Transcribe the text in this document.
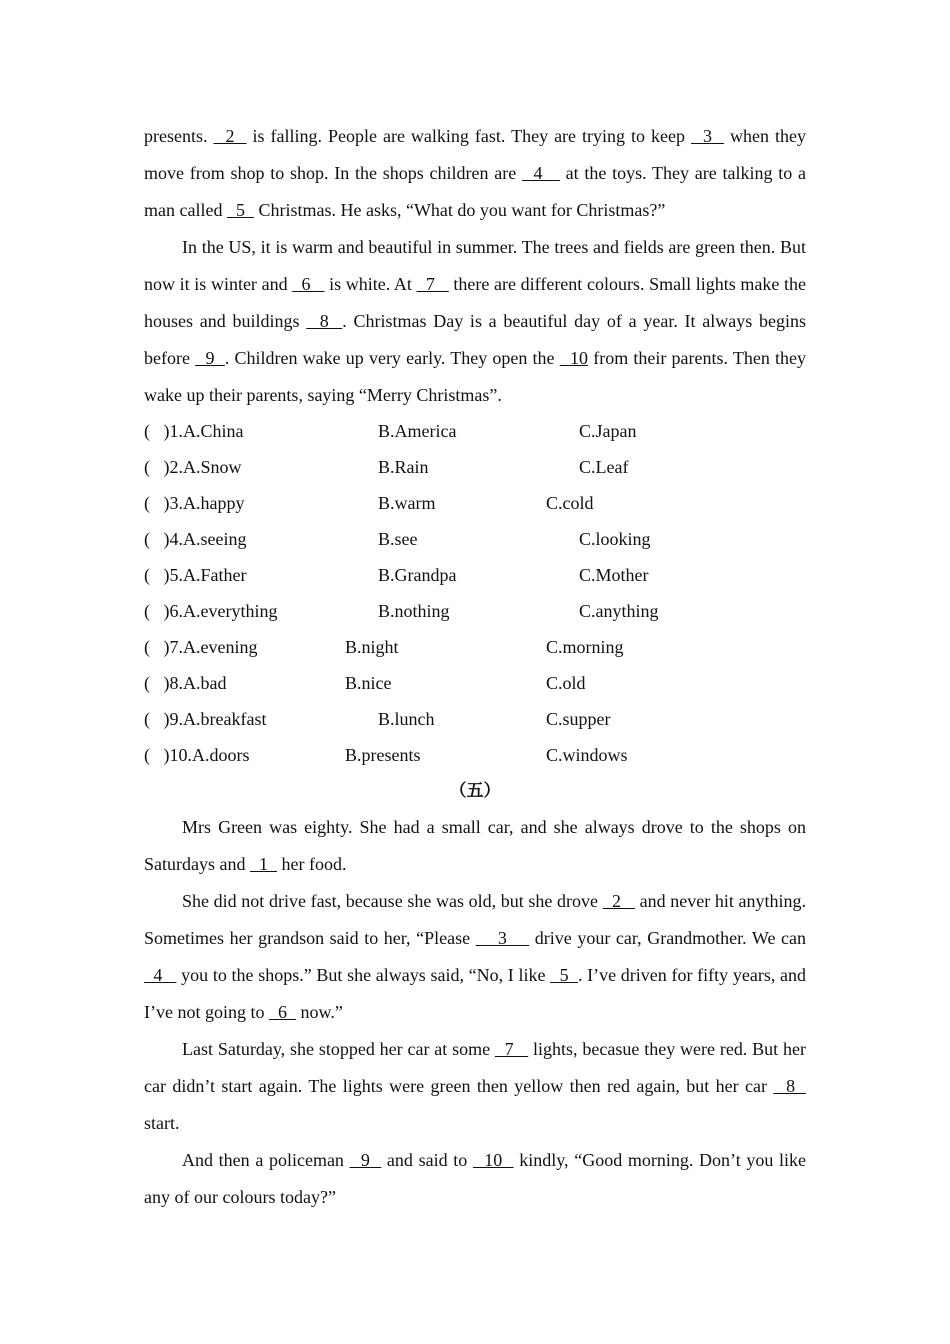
presents.   2   is falling. People are walking fast. They are trying to keep   3   when they move from shop to shop. In the shops children are   4    at the toys. They are talking to a man called   5   Christmas. He asks, “What do you want for Christmas?”

In the US, it is warm and beautiful in summer. The trees and fields are green then. But now it is winter and   6    is white. At   7    there are different colours. Small lights make the houses and buildings   8  . Christmas Day is a beautiful day of a year. It always begins before   9  . Children wake up very early. They open the   10 from their parents. Then they wake up their parents, saying “Merry Christmas”.

(   )1.A.China	B.America	C.Japan
(   )2.A.Snow	B.Rain	C.Leaf
(   )3.A.happy	B.warm	C.cold
(   )4.A.seeing	B.see	C.looking
(   )5.A.Father	B.Grandpa	C.Mother
(   )6.A.everything	B.nothing	C.anything
(   )7.A.evening	B.night	C.morning
(   )8.A.bad	B.nice	C.old
(   )9.A.breakfast	B.lunch	C.supper
(   )10.A.doors	B.presents	C.windows
（五）

Mrs Green was eighty. She had a small car, and she always drove to the shops on Saturdays and   1   her food.

She did not drive fast, because she was old, but she drove   2    and never hit anything. Sometimes her grandson said to her, “Please     3     drive your car, Grandmother. We can   4    you to the shops.” But she always said, “No, I like   5  . I’ve driven for fifty years, and I’ve not going to   6   now.”

Last Saturday, she stopped her car at some   7    lights, becasue they were red. But her car didn’t start again. The lights were green then yellow then red again, but her car   8   start.

And then a policeman   9   and said to   10   kindly, “Good morning. Don’t you like any of our colours today?”
